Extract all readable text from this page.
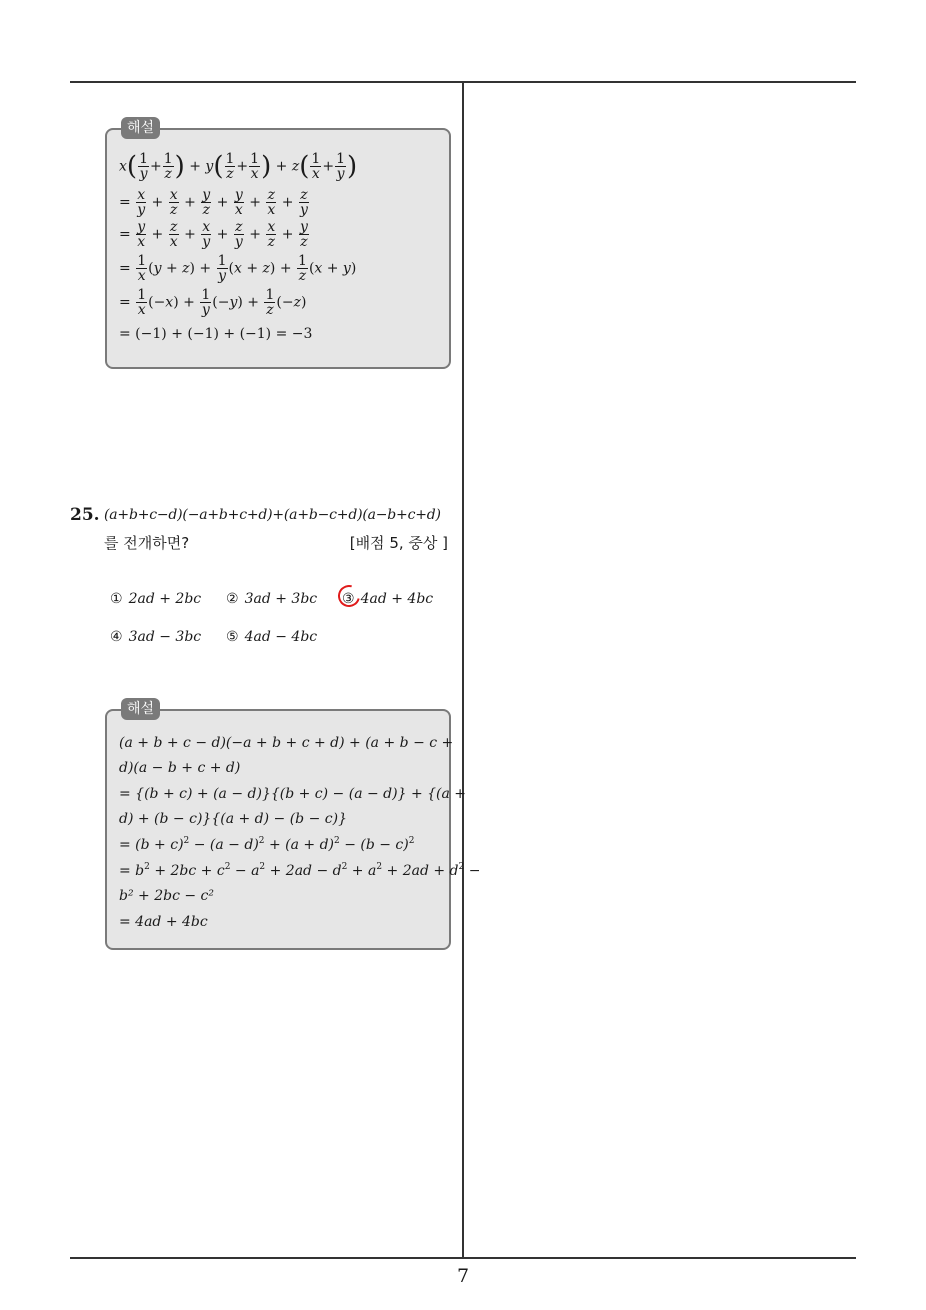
해설
$x( \frac{1}{y} + \frac{1}{z}$ ) + $y( \frac{1}{z} + \frac{1}{x}$ ) + $z( \frac{1}{x} + \frac{1}{y}$ )
= $\frac{x}{y} + \frac{x}{z} + \frac{y}{z} + \frac{y}{x} + \frac{z}{x} + \frac{z}{y}$
= $\frac{y}{x} + \frac{z}{x} + \frac{x}{y} + \frac{z}{y} + \frac{x}{z} + \frac{y}{z}$
= $\frac{1}{x} (y + z) + \frac{1}{y} (x + z) + \frac{1}{z} (x + y)$
= $\frac{1}{x} (-x) + \frac{1}{y} (-y) + \frac{1}{z} (-z)$
= (−1) + (−1) + (−1) = −3
25. (a+b+c−d)(−a+b+c+d)+(a+b−c+d)(a−b+c+d)
를 전개하면?	[배점 5, 중상 ]
① 2ad + 2bc ② 3ad + 3bc ③ 4ad + 4bc
④ 3ad − 3bc ⑤ 4ad − 4bc
해설
(a + b + c − d)(−a + b + c + d) + (a + b − c +
d)(a − b + c + d)
= {(b + c) + (a − d)}{(b + c) − (a − d)} + {(a +
d) + (b − c)}{(a + d) − (b − c)}
= $(b + c)^2 - (a - d)^2 + (a + d)^2 - (b - c)^2$
= $b^2 + 2bc + c^2 - a^2 + 2ad - d^2 + a^2 + 2ad + d^2$ −
b² + 2bc − c²
= 4ad + 4bc
7
